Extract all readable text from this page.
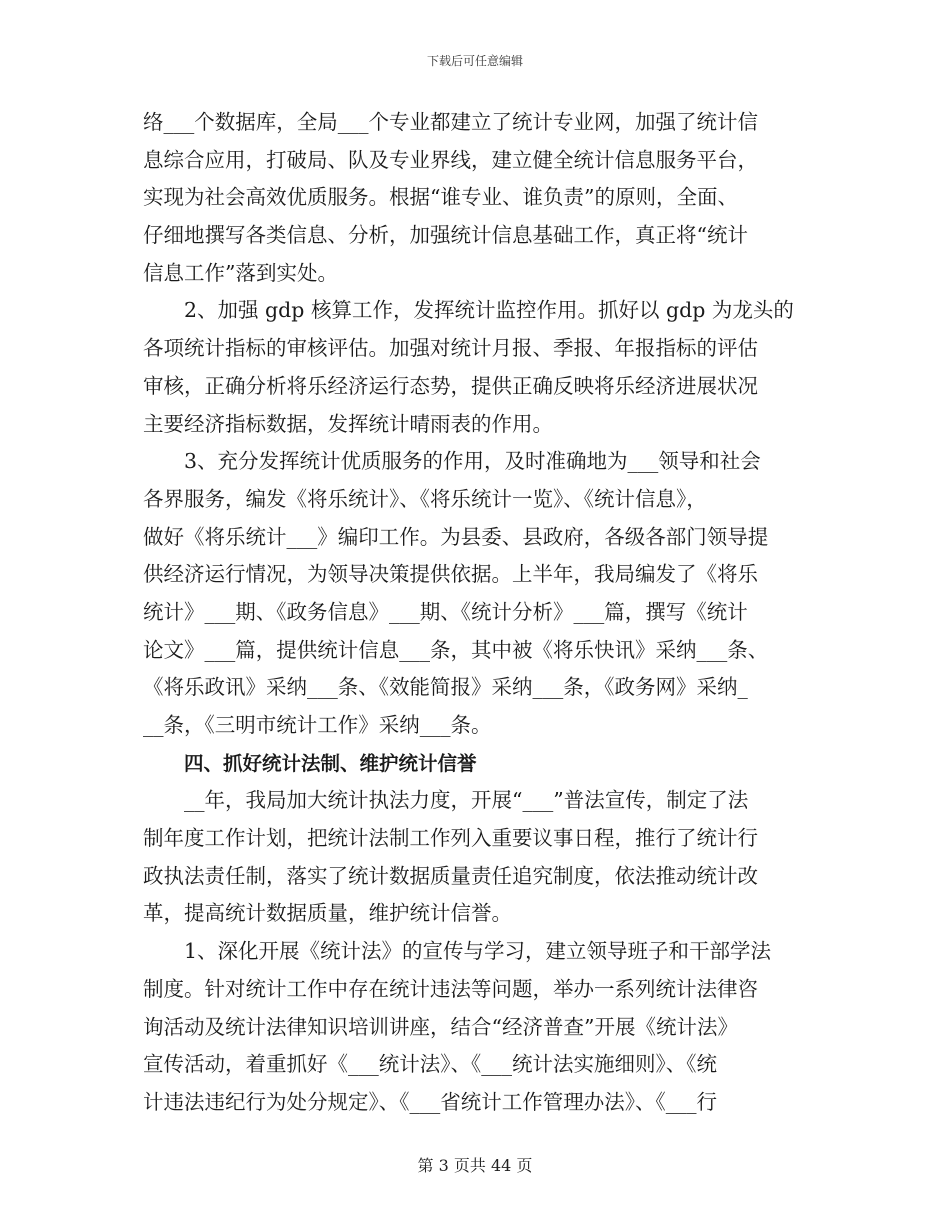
下载后可任意编辑
络___个数据库，全局___个专业都建立了统计专业网，加强了统计信
息综合应用，打破局、队及专业界线，建立健全统计信息服务平台，
实现为社会高效优质服务。根据“谁专业、谁负责”的原则，全面、
仔细地撰写各类信息、分析，加强统计信息基础工作，真正将“统计
信息工作”落到实处。
2、加强 gdp 核算工作，发挥统计监控作用。抓好以 gdp 为龙头的
各项统计指标的审核评估。加强对统计月报、季报、年报指标的评估
审核，正确分析将乐经济运行态势，提供正确反映将乐经济进展状况
主要经济指标数据，发挥统计晴雨表的作用。
3、充分发挥统计优质服务的作用，及时准确地为___领导和社会
各界服务，编发《将乐统计》、《将乐统计一览》、《统计信息》，
做好《将乐统计___》编印工作。为县委、县政府，各级各部门领导提
供经济运行情况，为领导决策提供依据。上半年，我局编发了《将乐
统计》___期、《政务信息》___期、《统计分析》___篇，撰写《统计
论文》___篇，提供统计信息___条，其中被《将乐快讯》采纳___条、
《将乐政讯》采纳___条、《效能简报》采纳___条，《政务网》采纳_
__条，《三明市统计工作》采纳___条。
四、抓好统计法制、维护统计信誉
__年，我局加大统计执法力度，开展“___”普法宣传，制定了法
制年度工作计划，把统计法制工作列入重要议事日程，推行了统计行
政执法责任制，落实了统计数据质量责任追究制度，依法推动统计改
革，提高统计数据质量，维护统计信誉。
1、深化开展《统计法》的宣传与学习，建立领导班子和干部学法
制度。针对统计工作中存在统计违法等问题，举办一系列统计法律咨
询活动及统计法律知识培训讲座，结合“经济普查”开展《统计法》
宣传活动，着重抓好《___统计法》、《___统计法实施细则》、《统
计违法违纪行为处分规定》、《___省统计工作管理办法》、《___行
第 3 页共 44 页
